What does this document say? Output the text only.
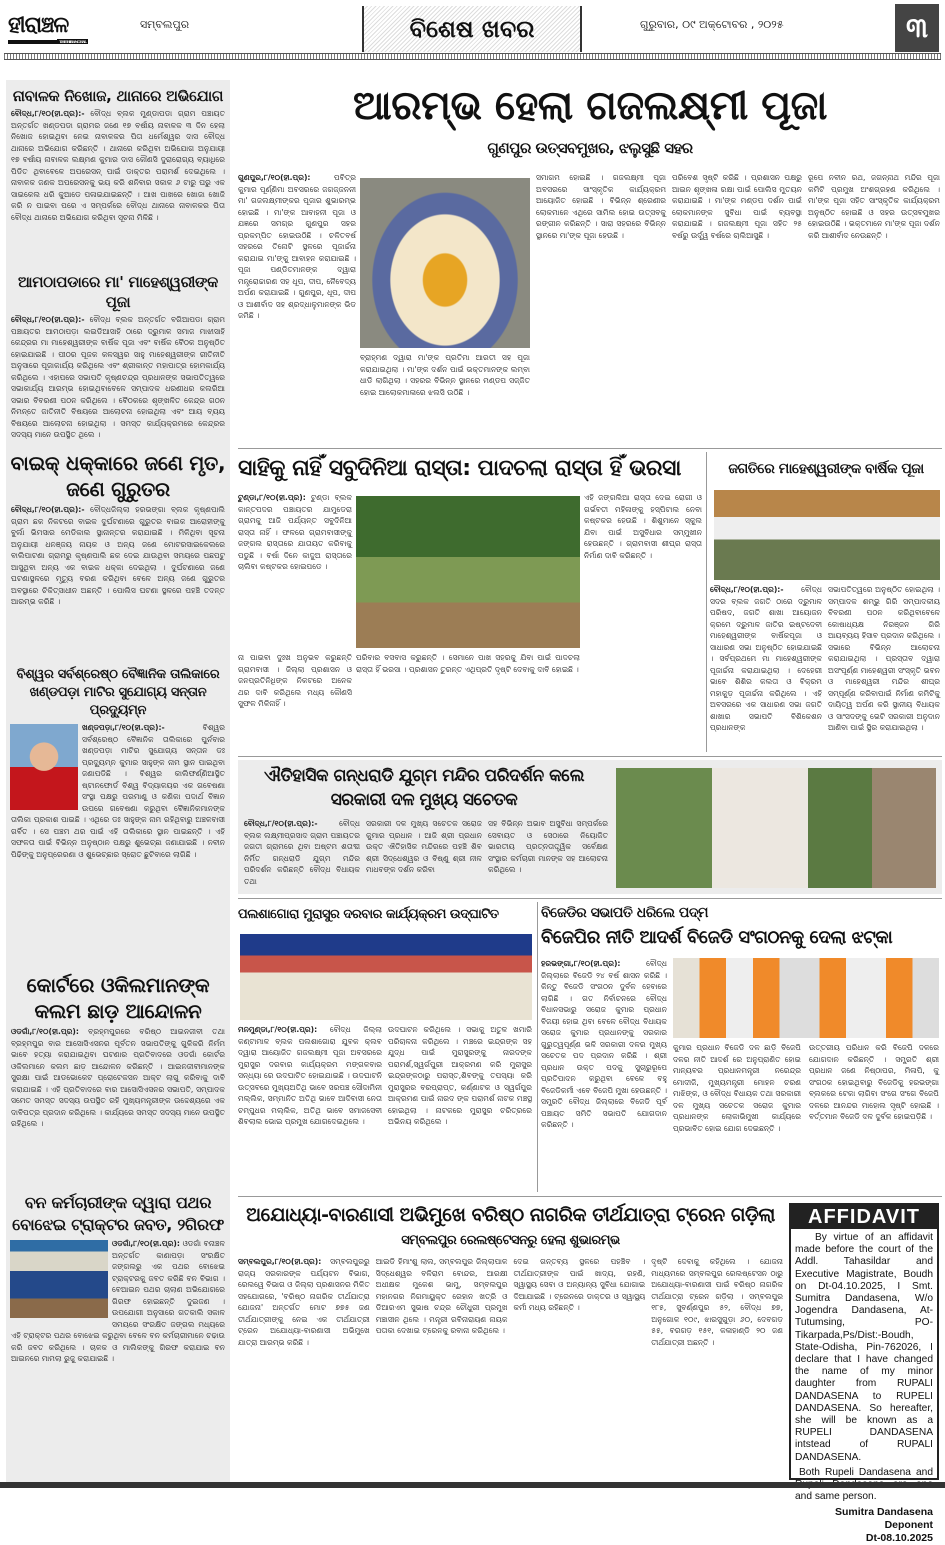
ହୀରାଞ୍ଚଳ
THE HIRANCHAL
ସମ୍ବଲପୁର	ବିଶେଷ ଖବର	ଗୁରୁବାର, ୦୯ ଅକ୍ଟୋବର , ୨୦୨୫	୩
ନାବାଳକ ନିଖୋଜ, ଥାନାରେ ଅଭିଯୋଗ
ବୌଦ୍ଧ,୮/୧୦(ହୀ.ପ୍ର):- ବୌଦ୍ଧ ବ୍ଲକ ମୁଣ୍ଡାପଡା ଗ୍ରାମ ପଞ୍ଚାୟତ ଅନ୍ତର୍ଗତ ଖଣ୍ଡପଡା ଗ୍ରାମର ଜଣେ ୧୭ ବର୍ଷୀୟ ନାବାଳକ ୩ ଦିନ ହେଲା ନିଖୋଜ ହୋଇଥିବା ନେଇ ନାବାଳକର ପିତା ଧର୍ମେଶ୍ୱର ଦାସ ବୌଦ୍ଧ ଥାନାରେ ଅଭିଯୋଗ କରିଛନ୍ତି । ଥାନାରେ କରିଥିବା ଅଭିଯୋଗ ଅନୁଯାୟୀ ୧୭ ବର୍ଷୀୟ ନାବାଳକ ଲକ୍ଷ୍ମଣ କୁମାର ଦାସ କୌଣସି ଦୁରାରୋଗ୍ୟ ବ୍ୟାଧିରେ ପିଡିତ ଥିବାବେଳେ ଅପରେସନ୍ ପାଇଁ ଡାକ୍ତର ପରାମର୍ଶ ଦେଇଥିଲେ । ନାବାଳକ ଜଣକ ଅପରେସନକୁ ଭୟ କରି ଶନିବାର ସକାଳ ୬ ଟାରୁ ଘରୁ ଏକ ସାଇକେଲ ଧରି କୁଆଡେ ପଳାଇଯାଇଛନ୍ତି । ଆଖ ପାଖରେ ଖୋଜା ଖୋଜି କରି ନ ପାଇବା ପରେ ଏ ସମ୍ପର୍କରେ ବୌଦ୍ଧ ଥାନାରେ ନାବାଳକର ପିତା ବୌଦ୍ଧ ଥାନାରେ ଅଭିଯୋଗ କରିଥିବା ସୂଚନା ମିଳିଛି ।
ଆମଠାପଡାରେ ମା' ମାହେଶ୍ୱରୀଙ୍କ ପୂଜା
ବୌଦ୍ଧ,୮/୧୦(ହୀ.ପ୍ର):- ବୌଦ୍ଧ ବ୍ଲକ ଅନ୍ତର୍ଗତ ବଗିଆପଡା ଗ୍ରାମ ପଞ୍ଚାୟତର ଆମଠାପଡ଼ା ଲଇଡିଆସାହି ଠାରେ ଦ୍ରୁମାଳ ସମାଜ ମାଝୀସାହି କେନ୍ଦ୍ରର ମା ମାହେଶ୍ୱରୀଙ୍କ ବାର୍ଷିକ ପୂଜା ଏବଂ ବାର୍ଷିକ ବୈଠକ ଅନୁଷ୍ଠିତ ହୋଇଯାଇଛି । ପୀଠର ପୂଜକ କଳସ୍ୱର ସାହୁ ମାହେଶ୍ୱରୀଙ୍କ ରୀତିନୀତି ଅନୁସାରେ ପୂଜାକାର୍ଯ୍ୟ କରିଥିଲେ ଏବଂ ଶ୍ରୀକାନ୍ତ ମହାପାତ୍ର ହୋମକାର୍ଯ୍ୟ କରିଥିଲେ । ଏହାପରେ ସଭାପତି କୃଷ୍ଣଚନ୍ଦ୍ର ପ୍ରଧାନଙ୍କ ସଭାପତିତ୍ୱରେ ସଭାକାର୍ଯ୍ୟ ଆରମ୍ଭ ହୋଇଥିବାବେଳେ ସମ୍ପାଦକ ଧରଣୀଧର କଲରିଆ ସଭାର ବିବରଣୀ ପଠନ କରିଥିଲେ । ବୈଠକରେ ଶୃଙ୍ଖଳିତ କେନ୍ଦ୍ର ଗଠନ ନିମନ୍ତେ ଜାତିନୀତି ବିଷୟରେ ଆଲୋଚନା ହୋଇଥିଲା ଏବଂ ଆୟ ବ୍ୟୟ ବିଷୟରେ ଆଲୋଚନା ହୋଇଥିଲା । ସମସ୍ତ କାର୍ଯ୍ୟକ୍ରମରେ କେନ୍ଦ୍ରର ସଦସ୍ୟ ମାନେ ଉପସ୍ଥିତ ଥିଲେ ।
ବାଇକ୍ ଧକ୍କାରେ ଜଣେ ମୃତ, ଜଣେ ଗୁରୁତର
ବୌଦ୍ଧ,୮/୧୦(ହୀ.ପ୍ର):- ବୌଦ୍ଧଜିଲ୍ଲା ହରଭଙ୍ଗା ବ୍ଲକ କୃଷ୍ଣପାଲି ଗ୍ରାମ ଛକ ନିକଟରେ ବାଇକ ଦୁର୍ଘଟଣାରେ ଗୁରୁତର ବାଇକ ଆରୋହୀଙ୍କୁ ବୁର୍ଲା ଭିମସାର ମେଡିକାଲ ସ୍ଥାନାନ୍ତର କରାଯାଇଛି । ମିଳିଥିବା ସୂଚନା ଅନୁଯାୟୀ ଧନଞ୍ଜୟ ନାୟକ ଓ ଅନ୍ୟ ଜଣେ ମୋଟରସାଇକେଲରେ ବାଲିପାଟଣା ଗ୍ରାମରୁ କୃଷ୍ଣପାଲି ଛକ ଦେଇ ଯାଉଥିବା ସମୟରେ ପଛପଟୁ ଆସୁଥିବା ଅନ୍ୟ ଏକ ବାଇକ ଧକ୍କା ଦେଇଥିଲା । ଦୁର୍ଘଟଣାରେ ଜଣେ ଘଟଣାସ୍ଥଳରେ ମୃତ୍ୟୁ ବରଣ କରିଥିବା ବେଳେ ଅନ୍ୟ ଜଣେ ଗୁରୁତର ଅବସ୍ଥାରେ ଚିକିତ୍ସାଧୀନ ଅଛନ୍ତି । ପୋଲିସ ଘଟଣା ସ୍ଥଳରେ ପହଞ୍ଚି ତଦନ୍ତ ଆରମ୍ଭ କରିଛି ।
ବିଶ୍ୱର ସର୍ବଶ୍ରେଷ୍ଠ ବୈଜ୍ଞାନିକ ତାଲିକାରେ ଖଣ୍ଡପଡ଼ା ମାଟିର ସୁଯୋଗ୍ୟ ସନ୍ତାନ ପ୍ରଦ୍ୟୁମ୍ନ
ଖଣ୍ଡପଡ଼ା,୮/୧୦(ହୀ.ପ୍ର):-	ବିଶ୍ୱର ସର୍ବଶ୍ରେଷ୍ଠ ବୈଜ୍ଞାନିକ ତାଲିକାରେ ପୁର୍ନବାର ଖଣ୍ଡପଡ଼ା ମାଟିର ସୁଯୋଗ୍ୟ ସନ୍ତାନ ଡଃ ପ୍ରଦ୍ୟୁମ୍ନ କୁମାର ସାହୁଙ୍କ ନାମ ସ୍ଥାନ ପାଇଥିବା ଜଣାପଡିଛି । ବିଶ୍ୱର କାଲିଫର୍ଣ୍ଣିଆସ୍ଥିତ ଷ୍ଟାନଫୋର୍ଡ ବିଶ୍ୱ ବିଦ୍ୟାଳୟର ଏକ ଗବେଷଣା ସଂସ୍ଥା ପକ୍ଷରୁ ପରମାଣୁ ଓ କଣିକା ପଦାର୍ଥ ବିଜ୍ଞାନ ଉପରେ ଗବେଷଣା କରୁଥିବା ବୈଜ୍ଞାନିକମାନଙ୍କ ତାଲିକା ପ୍ରକାଶ ପାଇଛି । ଏଥିରେ ଡଃ ସାହୁଙ୍କ ନାମ ରହିଥିବାରୁ ଅଞ୍ଚଳବାସୀ ଗର୍ବିତ । ସେ ପଞ୍ଚମ ଥର ପାଇଁ ଏହି ତାଲିକାରେ ସ୍ଥାନ ପାଇଛନ୍ତି । ଏହି ସଫଳତା ପାଇଁ ବିଭିନ୍ନ ଅନୁଷ୍ଠାନ ପକ୍ଷରୁ ଶୁଭେଚ୍ଛା ଜଣାଯାଇଛି । ନବୀନ ପିଢିଙ୍କୁ ଅନୁପ୍ରେରଣା ଓ ଶୁଭେଚ୍ଛାର ସ୍ରୋତ ଛୁଟିବାରେ ଲାଗିଛି ।
କୋର୍ଟରେ ଓକିଲମାନଙ୍କ କଲମ ଛାଡ଼ ଆନ୍ଦୋଳନ
ଓଡଗାଁ,୮/୧୦(ହୀ.ପ୍ର): ବ୍ରହ୍ମପୁରରେ ବରିଷ୍ଠ ଆଇନଜୀବୀ ତଥା ବ୍ରହ୍ମପୁର ବାର ଆସୋସିଏସନର ପୂର୍ବତନ ସଭାପତିଙ୍କୁ ଗୁଳିକରି ନିର୍ମମ ଭାବେ ହତ୍ୟା କରାଯାଇଥିବା ଘଟଣାର ପ୍ରତିବାଦରେ ଓଡଗାଁ କୋର୍ଟର ଓକିଲମାନେ କଲମ ଛାଡ଼ ଆନ୍ଦୋଳନ କରିଛନ୍ତି । ଆଇନଜୀବୀମାନଙ୍କ ସୁରକ୍ଷା ପାଇଁ ଆଡଭୋକେଟ ପ୍ରୋଟେକସନ ଆକ୍ଟ ଲାଗୁ କରିବାକୁ ଦାବି କରାଯାଇଛି । ଏହି ପ୍ରତିବାଦରେ ବାର ଆସୋସିଏସନର ସଭାପତି, ସମ୍ପାଦକ ସମେତ ସମସ୍ତ ସଦସ୍ୟ ଉପସ୍ଥିତ ରହି ମୁଖ୍ୟମନ୍ତ୍ରୀଙ୍କ ଉଦ୍ଦେଶ୍ୟରେ ଏକ ଦାବିପତ୍ର ପ୍ରଦାନ କରିଥିଲେ । କାର୍ଯ୍ୟରେ ସମସ୍ତ ସଦସ୍ୟ ମାନେ ଉପସ୍ଥିତ ରହିଥିଲେ ।
ବନ କର୍ମଚାରୀଙ୍କ ଦ୍ୱାରା ପଥର ବୋଝେଇ ଟ୍ରାକ୍ଟର ଜବତ, ୨ଗିରଫ
ଓଡଗାଁ,୮/୧୦(ହୀ.ପ୍ର): ଓଡଗାଁ ବନାଞ୍ଚଳ ଅନ୍ତର୍ଗତ କାଣାପଡ଼ା ସଂରକ୍ଷିତ ଜଙ୍ଗଲରୁ ଏକ ପଥର ବୋଝେଇ ଟ୍ରାକ୍ଟରକୁ ଜବତ କରିଛି ବନ ବିଭାଗ । ବେଆଇନ ପଥର ଚାଲାଣ ଅଭିଯୋଗରେ ଗିରଫ ହୋଇଛନ୍ତି ଦୁଇଜଣ । ଉପଯୋଗୀ ଅନୁସାରେ ଗତକାଲି ସକାଳ ସମୟରେ ସଂରକ୍ଷିତ ଜଙ୍ଗଲ ମଧ୍ୟରେ ଏହି ଟ୍ରାକ୍ଟର ପଥର ବୋଝେଇ କରୁଥିବା ବେଳେ ବନ କର୍ମଚାରୀମାନେ ଚଢାଉ କରି ଜବତ କରିଥିଲେ । ଚାଳକ ଓ ମାଲିକଙ୍କୁ ଗିରଫ କରାଯାଇ ବନ ଆଇନରେ ମାମଲା ରୁଜୁ କରାଯାଇଛି ।
ଆରମ୍ଭ ହେଲା ଗଜଲକ୍ଷ୍ମୀ ପୂଜା
ଗୁଣପୁର ଉତ୍ସବମୁଖର, ଝଲୁସୁଛି ସହର
ଗୁଣପୁର,୮/୧୦(ହୀ.ପ୍ର):	ପବିତ୍ର କୁମାର ପୂର୍ଣ୍ଣିମା ଅବସରରେ ଜଗଜ୍ଜନନୀ ମା' ଗଜଲକ୍ଷ୍ମୀଙ୍କର ପୂଜାର ଶୁଭାରମ୍ଭ ହୋଇଛି । ମା'ଙ୍କ ଆବାହନୀ ପୂଜା ଓ ଯଜ୍ଞରେ ସମଗ୍ର ଗୁଣପୁର ସହର ପ୍ରକମ୍ପିତ ହୋଇଉଠିଛି । ଚଳିତବର୍ଷ ସହରରେ ତିନୋଟି ସ୍ଥଳରେ ପୂଜାର୍ଚ୍ଚନା କରାଯାଇ ମା'ଙ୍କୁ ଆବାହନ କରାଯାଇଛି । ପୂଜା ପଣ୍ଡିତମାନଙ୍କ ଦ୍ୱାରା ମନ୍ତ୍ରୋଚ୍ଚାରଣ ସହ ଧୂପ, ଦୀପ, ନୈବେଦ୍ୟ ଅର୍ପଣ କରାଯାଇଛି । ଗୁଣପୁର, ଧୂପ, ଦୀପ ଓ ଆଶୀର୍ବାଦ ସହ ଶ୍ରଦ୍ଧାଳୁମାନଙ୍କ ଭିଡ ଜମିଛି ।
ବ୍ରାହ୍ମଣ ଦ୍ୱାରା ମା'ଙ୍କ ପ୍ରତିମା ଆରତୀ ସହ ପୂଜା କରାଯାଇଥିଲା । ମା'ଙ୍କ ଦର୍ଶନ ପାଇଁ ଭକ୍ତମାନଙ୍କ ଲମ୍ବା ଧାଡି ଲାଗିଥିଲା । ସହରର ବିଭିନ୍ନ ସ୍ଥାନରେ ମଣ୍ଡପ ସଜ୍ଜିତ ହୋଇ ଆଲୋକମାଳାରେ ଝଲସି ଉଠିଛି ।
ସମାଗମ ହୋଇଛି । ଗଜଲକ୍ଷ୍ମୀ ପୂଜା ଅବସରରେ ସାଂସ୍କୃତିକ କାର୍ଯ୍ୟକ୍ରମ ଆୟୋଜିତ ହୋଇଛି । ବିଭିନ୍ନ ଶ୍ରେଣୀର ଲୋକମାନେ ଏଥିରେ ସାମିଲ ହୋଇ ଉତ୍ସବକୁ ରଙ୍ଗୀନ କରିଛନ୍ତି । ସାରା ସହରରେ ବିଭିନ୍ନ ସ୍ଥାନରେ ମା'ଙ୍କ ପୂଜା ହେଉଛି ।
ପରିବେଶ ସୃଷ୍ଟି କରିଛି । ପ୍ରଶାସନ ପକ୍ଷରୁ ଆଇନ ଶୃଙ୍ଖଳା ରକ୍ଷା ପାଇଁ ପୋଲିସ ମୁତୟନ କରାଯାଇଛି । ମା'ଙ୍କ ମଣ୍ଡପ ଦର୍ଶନ ପାଇଁ ଲୋକମାନଙ୍କ ସୁବିଧା ପାଇଁ ବ୍ୟବସ୍ଥା କରାଯାଇଛି । ଗଜଲକ୍ଷ୍ମୀ ପୂଜା ସହିତ ୨୫ ବର୍ଷରୁ ଉର୍ଦ୍ଧ୍ୱ ବର୍ଷରେ ଚାଲିଆସୁଛି ।
ରୂପେ ନବୀନ ରଥ, ଜଗନ୍ନାଥ ମନ୍ଦିର ପୂଜା କମିଟି ପ୍ରମୁଖ ଅଂଶଗ୍ରହଣ କରିଥିଲେ । ମା'ଙ୍କ ପୂଜା ସହିତ ସାଂସ୍କୃତିକ କାର୍ଯ୍ୟକ୍ରମ ଅନୁଷ୍ଠିତ ହୋଇଛି ଓ ସହର ଉତ୍ସବମୁଖର ହୋଇଉଠିଛି । ଭକ୍ତମାନେ ମା'ଙ୍କ ପୂଜା ଦର୍ଶନ କରି ଆଶୀର୍ବାଦ ନେଉଛନ୍ତି ।
ସାହିକୁ ନାହିଁ ସବୁଦିନିଆ ରାସ୍ତା: ପାଦଚଲା ରାସ୍ତା ହିଁ ଭରସା
ଟୁଣ୍ଡା,୮/୧୦(ହୀ.ପ୍ର): ଟୁଣ୍ଡା ବ୍ଲକ କାନ୍ତପଦର ପଞ୍ଚାୟତର ଯାମୁଡେରା ଗ୍ରାମକୁ ଆଜି ପର୍ଯ୍ୟନ୍ତ ସବୁଦିନିଆ ରାସ୍ତା ନାହିଁ । ଫଳରେ ଗ୍ରାମବାସୀଙ୍କୁ ଜଙ୍ଗଲ ରାସ୍ତାରେ ଯାତାୟତ କରିବାକୁ ପଡୁଛି । ବର୍ଷା ଦିନେ କାଦୁଅ ରାସ୍ତାରେ ଚାଲିବା କଷ୍ଟକର ହୋଇପଡେ ।
ଏହି ଜଙ୍ଗଲିଆ ରାସ୍ତା ଦେଇ ରୋଗୀ ଓ ଗର୍ଭବତୀ ମହିଳାଙ୍କୁ ହସ୍ପିଟାଲ ନେବା କଷ୍ଟକର ହେଉଛି । ଶିଶୁମାନେ ସ୍କୁଲ ଯିବା ପାଇଁ ଅସୁବିଧାର ସମ୍ମୁଖୀନ ହେଉଛନ୍ତି । ଗ୍ରାମବାସୀ ଶୀଘ୍ର ରାସ୍ତା ନିର୍ମାଣ ଦାବି କରିଛନ୍ତି ।
ନା ପାଇବା ଦୁଃଖ ଅନୁଭବ କରୁଛନ୍ତି ଗ୍ରାମବାସୀ । ଜିଲ୍ଲା ପ୍ରଶାସନ ଓ ଜନପ୍ରତିନିଧିଙ୍କ ନିକଟରେ ଅନେକ ଥର ଦାବି କରିଥିଲେ ମଧ୍ୟ କୌଣସି ସୁଫଳ ମିଳିନାହିଁ ।
ପରିବାର ବସବାସ କରୁଛନ୍ତି । ସେମାନେ ପାଖ ସହରକୁ ଯିବା ପାଇଁ ପାଦଚଲା ରାସ୍ତା ହିଁ ଭରସା । ପ୍ରଶାସନ ତୁରନ୍ତ ଏଥିପ୍ରତି ଦୃଷ୍ଟି ଦେବାକୁ ଦାବି ହୋଇଛି ।
ଜଗତିରେ ମାହେଶ୍ୱରୀଙ୍କ ବାର୍ଷିକ ପୂଜା
ବୌଦ୍ଧ,୮/୧୦(ହୀ.ପ୍ର):- ବୌଦ୍ଧ ସଦର ବ୍ଲକ ଜଗତି ଠାରେ ଦ୍ରୁମାଳ ପରିଷଦ, ଜଗତି ଶାଖା ଆୟୋଜନ କ୍ରମେ ଦ୍ରୁମାଳ ଜାତିର ଇଷ୍ଟଦେବୀ ମାହେଶ୍ୱରୀଙ୍କ ବାର୍ଷିକପୂଜା ଓ ସାଧାରଣ ସଭା ଅନୁଷ୍ଠିତ ହୋଇଯାଇଛି । ସର୍ବପ୍ରଥମେ ମା ମାହେଶ୍ୱରୀଙ୍କ ପୂଜାର୍ଚ୍ଚନା କରାଯାଇଥିଲା । ଦେହେରୀ ଭାବେ ଶିଶିର କଲତା ଓ ବିକ୍ରମ ମହାକୁଡ଼ ପୂଜାର୍ଚ୍ଚନା କରିଥିଲେ । ଏହି ଅବସରରେ ଏକ ସାଧାରଣ ସଭା ଜଗତି ଶାଖାର ସଭାପତି ବିଶିକେଶନ ପ୍ରଧାନଙ୍କ
ସଭାପତିତ୍ୱରେ ଅନୁଷ୍ଠିତ ହୋଇଥିଲା । ସମ୍ପାଦକ ଶମ୍ଭୁ ଗିରି ସମ୍ପାଦକୀୟ ବିବରଣୀ ପଠନ କରିଥିବାବେଳେ କୋଷାଧ୍ୟକ୍ଷ ନିରଞ୍ଜନ ଗିରି ଆୟବ୍ୟୟ ହିସାବ ପ୍ରଦାନ କରିଥିଲେ । ସଭାରେ ବିଭିନ୍ନ ଆଲୋଚନା କରାଯାଇଥିଲା । ପ୍ରସ୍ତାବ ଦ୍ୱାରା ଅସଂପୂର୍ଣ୍ଣ ମାହେଶ୍ୱରୀ ସଂସ୍କୃତି ଭବନ ଓ ମାହେଶ୍ୱରୀ ମନ୍ଦିର ଶୀଘ୍ର ସମ୍ପୂର୍ଣ୍ଣ କରିବାପାଇଁ ନିର୍ମାଣ କମିଟିକୁ ଦାୟିତ୍ୱ ଅର୍ପଣ କରି ସ୍ଥାନୀୟ ବିଧାୟକ ଓ ସାଂସଦଙ୍କୁ ଭେଟି ସରକାରୀ ଅନୁଦାନ ଆଣିବା ପାଇଁ ସ୍ଥିର କରାଯାଇଥିଲା ।
ଐତିହାସିକ ଗନ୍ଧରାଡି ଯୁଗ୍ମ ମନ୍ଦିର ପରିଦର୍ଶନ କଲେ ସରକାରୀ ଦଳ ମୁଖ୍ୟ ସଚେତକ
ବୌଦ୍ଧ,୮/୧୦(ହୀ.ପ୍ର):-	ବୌଦ୍ଧ ବ୍ଲକ ଲକ୍ଷ୍ମୀପ୍ରସାଦ ଗ୍ରାମ ପଞ୍ଚାୟତର ଜଗତୀ ଗ୍ରାମରେ ଥିବା ଅଷ୍ଟମ ଶତାବ୍ଦୀ ନିର୍ମିତ ଗନ୍ଧରାଡି ଯୁଗ୍ମ ମନ୍ଦିର ପରିଦର୍ଶନ କରିଛନ୍ତି ବୌଦ୍ଧ ବିଧାୟକ ତଥା
ସରକାରୀ ଦଳ ମୁଖ୍ୟ ସଚେତକ ସରୋଜ କୁମାର ପ୍ରଧାନ । ଆଜି ଶ୍ରୀ ପ୍ରଧାନ ଉକ୍ତ ଐତିହାସିକ ମନ୍ଦିରରେ ପହଞ୍ଚି ଶିବ ଶ୍ରୀ ସିଦ୍ଧେଶ୍ୱର ଓ ବିଷ୍ଣୁ ଶ୍ରୀ ନୀଳ ମାଧବଙ୍କ ଦର୍ଶନ କରିବା
ସହ ବିଭିନ୍ନ ଅଭାବ ଅସୁବିଧା ସମ୍ପର୍କରେ ସେବାୟତ ଓ ସେଠାରେ ନିୟୋଜିତ ଭାରତୀୟ ପ୍ରତ୍ନତାତ୍ତ୍ୱିକ ସର୍ବେକ୍ଷଣ ସଂସ୍ଥାର କର୍ମଚାରୀ ମାନଙ୍କ ସହ ଆଲୋଚନା କରିଥିଲେ ।
ପଲଶାଗୋରା ମୁରାସୁର ଦରବାର କାର୍ଯ୍ୟକ୍ରମ ଉଦ୍‌ଘାଟିତ
ମନମୁଣ୍ଡା,୮/୧୦(ହୀ.ପ୍ର): ବୌଦ୍ଧ ଜିଲ୍ଲା କଣ୍ଟାମାଳ ବ୍ଲକ ପଲଶାଗୋରା ଯୁବକ କ୍ଲବ ଦ୍ୱାରା ଆୟୋଜିତ ଗଜଲକ୍ଷ୍ମୀ ପୂଜା ଅବସରରେ ମୁରାସୁର ଦରବାର କାର୍ଯ୍ୟକ୍ରମ ମଙ୍ଗଳବାର ସନ୍ଧ୍ୟା ରେ ଉଦଘାଟିତ ହୋଇଯାଇଛି । ଉଦଘାଟନି ଉତ୍ସବରେ ମୁଖ୍ୟଅତିଥି ଭାବେ ସରପଞ୍ଚ ସୌଦାମିନୀ ମଲ୍ଲିକ, ସମ୍ମାନିତ ଅତିଥି ଭାବେ ଆଦିବାସୀ ନେତା ଚମ୍ପୁଧର ମଲ୍ଲିକ, ଅତିଥି ଭାବେ ସମାଜସେବୀ ଶିବଲାଲ ଭୋଇ ପ୍ରମୁଖ ଯୋଗଦେଇଥିଲେ ।
ଉଦଘାଟନ କରିଥିଲେ । ସଭାକୁ ଅତୁଳ ଖମାରି ପରିଚାଳନା କରିଥିଲେ । ମଞ୍ଚରେ ଇନ୍ଦ୍ରଙ୍କ ସହ ଯୁଦ୍ଧ ପାଇଁ ମୁରାସୁରଙ୍କୁ ନାରଦଙ୍କ ପରାମର୍ଶ,ସ୍ୱର୍ଗପୁରୀ ଆକ୍ରମଣ କରି ମୁରାସୁର ଇନ୍ଦ୍ରଙ୍କଠାରୁ ପରାସ୍ତ,ଶିବଙ୍କୁ ତପସ୍ୟା କରି ମୁରାସୁରର ବରପ୍ରାପ୍ତ, କର୍ଣ୍ଣାଟକ ଓ ସ୍ୱର୍ଗପୁର ଆକ୍ରମଣ ପାଇଁ ନାରଦ ଙ୍କ ପରାମର୍ଶ ନାଟକ ମଞ୍ଚସ୍ଥ ହୋଇଥିଲା । ନାଟକରେ ମୁରାସୁର ଚରିତ୍ରରେ ଅଭିନୟ କରିଥିଲେ ।
ବିଜେଡିର ସଭାପତି ଧରିଲେ ପଦ୍ମ
ବିଜେପିର ନୀତି ଆଦର୍ଶ ବିଜେଡି ସଂଗଠନକୁ ଦେଲା ଝଟ୍‌କା
ହରଭଙ୍ଗା,୮/୧୦(ହୀ.ପ୍ର):	ବୌଦ୍ଧ ଜିଲ୍ଲାରେ ବିଜେଡି ୨୪ ବର୍ଷ ଶାସନ କରିଛି । କିନ୍ତୁ ବିଜେଡି ସଂଗଠନ ଦୁର୍ବଳ ହେବାରେ ଲାଗିଛି । ଗତ ନିର୍ବାଚନରେ ବୌଦ୍ଧ ବିଧାନସଭାରୁ ସରୋଜ କୁମାର ପ୍ରଧାନ ବିଜୟୀ ହୋଇ ଥିବା ବେଳେ ବୌଦ୍ଧ ବିଧାୟକ ସରୋଜ କୁମାର ପ୍ରଧାନଙ୍କୁ ସରକାର ଗୁରୁତ୍ୱପୂର୍ଣ୍ଣ ଭଳି ସରକାରୀ ଦଳର ମୁଖ୍ୟ ସଚେତକ ପଦ ପ୍ରଦାନ କରିଛି । ଶ୍ରୀ ପ୍ରଧାନ ଉକ୍ତ ପଦକୁ ସୁଚାରୁରୂପେ ପ୍ରତିପାଦନ କରୁଥିବା ବେଳେ ବହୁ ବିଜେଡିକର୍ମୀ ଏବେ ବିଜେପି ମୁଖା ହେଉଛନ୍ତି । ସମ୍ପ୍ରତି ବୌଦ୍ଧ ଜିଲ୍ଲାରେ ବିଜେଡି ପୂର୍ବ ପଞ୍ଚାୟତ ସମିତି ସଭାପତି ଯୋଗଦାନ କରିଛନ୍ତି ।
କୁମାର ପ୍ରଧାନ ବିଜେଡି ଦଳ ଛାଡ଼ି ବିଜେପି ଦଳର ନୀତି ଆଦର୍ଶ ରେ ଅନୁପ୍ରାଣିତ ହୋଇ ମାନ୍ୟବର ପ୍ରଧାନମନ୍ତ୍ରୀ ନରେନ୍ଦ୍ର ମୋଦୀଜି, ମୁଖ୍ୟମନ୍ତ୍ରୀ ମୋହନ ଚରଣ ମାଝିଙ୍କ, ଓ ବୌଦ୍ଧ ବିଧାୟକ ତଥା ସରକାରୀ ଦଳ ମୁଖ୍ୟ ସଚେତକ ସରୋଜ କୁମାର ପ୍ରଧାନଙ୍କ ଲୋକାଭିମୁଖୀ କାର୍ଯ୍ୟରେ ପ୍ରଭାବିତ ହୋଇ ଯୋଗ ଦେଇଛନ୍ତି ।
ଉତ୍ତରୀୟ ପରିଧାନ କରି ବିଜେପି ଦଳରେ ଯୋଗଦାନ କରିଛନ୍ତି । ସମ୍ପ୍ରତି ଶ୍ରୀ ପ୍ରଧାନ ଜଣେ ନିଷ୍ଠାପର, ମିଳାପି, କୁ ସଂଗଠକ ହୋଇଥିବାରୁ ବିଜେଡିକୁ ହରଭଙ୍ଗା ବ୍ଲକରେ ଟେକା ଲାଗିବା ସଂଗେ ସଂଗେ ବିଜେପି ଦଳରେ ଆନନ୍ଦର ମାହୋଲ ସୃଷ୍ଟି ହୋଇଛି । ବର୍ତ୍ତମାନ ବିଜେଡି ଦଳ ଦୁର୍ବଳ ହୋଇପଡ଼ିଛି ।
ଅଯୋଧ୍ୟା-ବାରଣାସୀ ଅଭିମୁଖେ ବରିଷ୍ଠ ନାଗରିକ ତୀର୍ଥଯାତ୍ରା ଟ୍ରେନ ଗଡ଼ିଲା
ସମ୍ବଲପୁର ରେଲଷ୍ଟେସନରୁ ହେଲା ଶୁଭାରମ୍ଭ
ସମ୍ବଲପୁର,୮/୧୦(ହୀ.ପ୍ର): ସମ୍ବଲପୁରରୁ ରାଜ୍ୟ ସରକାରଙ୍କ ପର୍ଯ୍ୟଟନ ବିଭାଗ, ରେଲୱେ ବିଭାଗ ଓ ଜିଲ୍ଲା ପ୍ରଶାସନର ମିଳିତ ସହଯୋଗରେ, 'ବରିଷ୍ଠ ନାଗରିକ ତୀର୍ଥଯାତ୍ରା ଯୋଜନା' ଅନ୍ତର୍ଗତ ମୋଟ ୭୭୫ ଜଣ ତୀର୍ଥଯାତ୍ରୀଙ୍କୁ ନେଇ ଏକ ତୀର୍ଥଯାତ୍ରୀ ଟ୍ରେନ ଅଯୋଧ୍ୟା-ବାରଣାସୀ ଅଭିମୁଖେ ଯାତ୍ରା ଆରମ୍ଭ କରିଛି ।
ଆଇଡି ହିମାଂଶୁ ଲାଲ, ସମ୍ବଲପୁର ଜିଲ୍ଲାପାଳ ସିଦ୍ଧେଶ୍ୱର ବଳିରାମ ବୋନ୍ଦର, ଆରକ୍ଷୀ ଅଧୀକ୍ଷକ ମୁକେଶ ଭାମୁ, ସମ୍ବଲପୁର ମହାନଗର ନିଗମାୟୁକ୍ତ ରେହାନ ଖତ୍ରି ଓ ଡିଆରଏମ ସୁଭାଷ ଚନ୍ଦ୍ର ଚୌଧୁରୀ ପ୍ରମୁଖ ମଞ୍ଚାସୀନ ଥିଲେ । ମନ୍ତ୍ରୀ ରବିନାରାୟଣ ନାୟକ ପତାକା ଦେଖାଇ ଟ୍ରେନକୁ ରବାନା କରିଥିଲେ ।
ଦେଇ ଗନ୍ତବ୍ୟ ସ୍ଥଳରେ ପହଞ୍ଚିବ । ତୀର୍ଥଯାତ୍ରୀଙ୍କ ପାଇଁ ଖାଦ୍ୟ, ରହଣି, ସ୍ୱାସ୍ଥ୍ୟ ସେବା ଓ ଅନ୍ୟାନ୍ୟ ସୁବିଧା ଯୋଗାଇ ଦିଆଯାଇଛି । ଟ୍ରେନରେ ଡାକ୍ତର ଓ ସ୍ୱାସ୍ଥ୍ୟ କର୍ମୀ ମଧ୍ୟ ରହିଛନ୍ତି ।
ଦୃଷ୍ଟି ଦେବାକୁ କହିଥିଲେ । ଯୋଜନା ମାଧ୍ୟମରେ ସମ୍ବଲପୁର ରେଲଷ୍ଟେସନ ଠାରୁ ଅଯୋଧ୍ୟା-ବାରଣାସୀ ପାଇଁ ବରିଷ୍ଠ ନାଗରିକ ତୀର୍ଥଯାତ୍ରା ଟ୍ରେନ ଗଡ଼ିଲା । ସମ୍ବଲପୁର ୧୮୫, ସୁବର୍ଣ୍ଣପୁର ୫୨, ବୌଦ୍ଧ ୭୭, ଅନୁଗୋଳ ୧୦୯, ଝାରସୁଗୁଡ଼ା ୬୦, ଦେବଗଡ଼ ୫୫, ବରଗଡ଼ ୧୫୧, କଳାହାଣ୍ଡି ୨୦ ଜଣ ତୀର୍ଥଯାତ୍ରୀ ଅଛନ୍ତି ।
AFFIDAVIT
By virtue of an affidavit made before the court of the Addl. Tahasildar and Executive Magistrate, Boudh on Dt-04.10.2025, I Smt. Sumitra Dandasena, W/o Jogendra Dandasena, At-Tutumsing, PO-Tikarpada,Ps/Dist:-Boudh, State-Odisha, Pin-762026, I declare that I have changed the name of my minor daughter from RUPALI DANDASENA to RUPELI DANDASENA. So hereafter, she will be known as a RUPELI DANDASENA intstead of RUPALI DANDASENA.
Both Rupeli Dandasena and and same person.
Sumitra Dandasena
Deponent
Dt-08.10.2025
